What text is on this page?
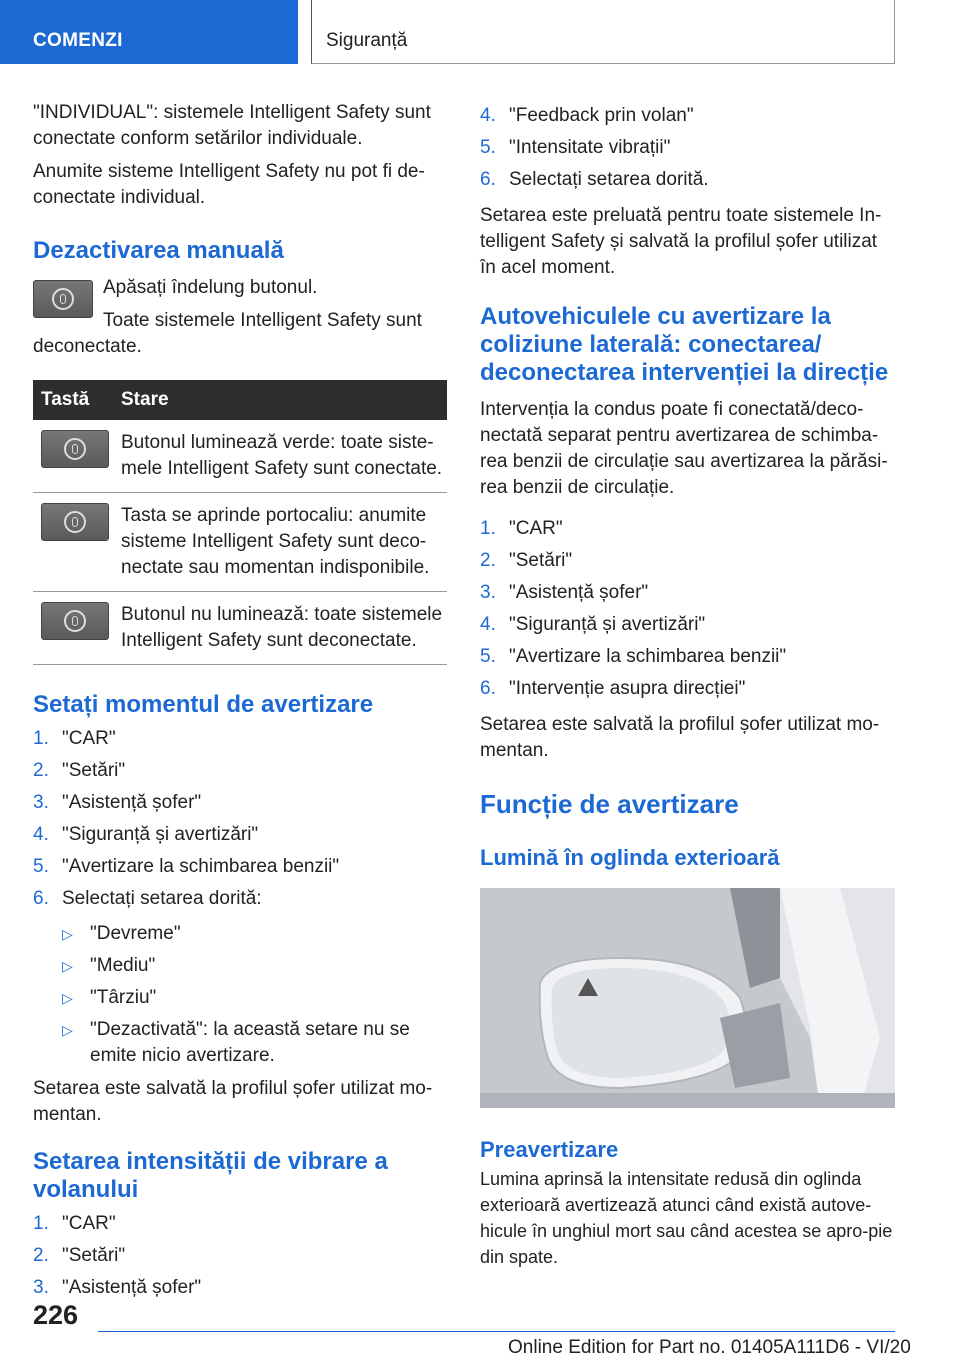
COMENZI	Siguranță

"INDIVIDUAL": sistemele Intelligent Safety sunt conectate conform setărilor individuale.

Anumite sisteme Intelligent Safety nu pot fi de-conectate individual.

Dezactivarea manuală

Apăsați îndelung butonul.

Toate sistemele Intelligent Safety sunt deconectate.

Tastă	Stare

	Butonul luminează verde: toate siste-mele Intelligent Safety sunt conectate.

	Tasta se aprinde portocaliu: anumite sisteme Intelligent Safety sunt deco-nectate sau momentan indisponibile.

	Butonul nu luminează: toate sistemele Intelligent Safety sunt deconectate.
Setați momentul de avertizare
1. "CAR"
2. "Setări"
3. "Asistență șofer"
4. "Siguranță și avertizări"
5. "Avertizare la schimbarea benzii"
6. Selectați setarea dorită:
▷ "Devreme"
▷ "Mediu"
▷ "Târziu"
▷ "Dezactivată": la această setare nu se emite nicio avertizare.

Setarea este salvată la profilul șofer utilizat mo-mentan.

Setarea intensității de vibrare a volanului
1. "CAR"
2. "Setări"
3. "Asistență șofer"
4. "Feedback prin volan"
5. "Intensitate vibrații"
6. Selectați setarea dorită.

Setarea este preluată pentru toate sistemele In-telligent Safety și salvată la profilul șofer utilizat în acel moment.

Autovehiculele cu avertizare la coliziune laterală: conectarea/ deconectarea intervenției la direcție

Intervenția la condus poate fi conectată/deco-nectată separat pentru avertizarea de schimba-rea benzii de circulație sau avertizarea la părăsi-rea benzii de circulație.

1. "CAR"
2. "Setări"
3. "Asistență șofer"
4. "Siguranță și avertizări"
5. "Avertizare la schimbarea benzii"
6. "Intervenție asupra direcției"

Setarea este salvată la profilul șofer utilizat mo-mentan.

Funcție de avertizare
Lumină în oglinda exterioară
Preavertizare

Lumina aprinsă la intensitate redusă din oglinda exterioară avertizează atunci când există autove-hicule în unghiul mort sau când acestea se apro-pie din spate.

226
Online Edition for Part no. 01405A111D6 - VI/20
